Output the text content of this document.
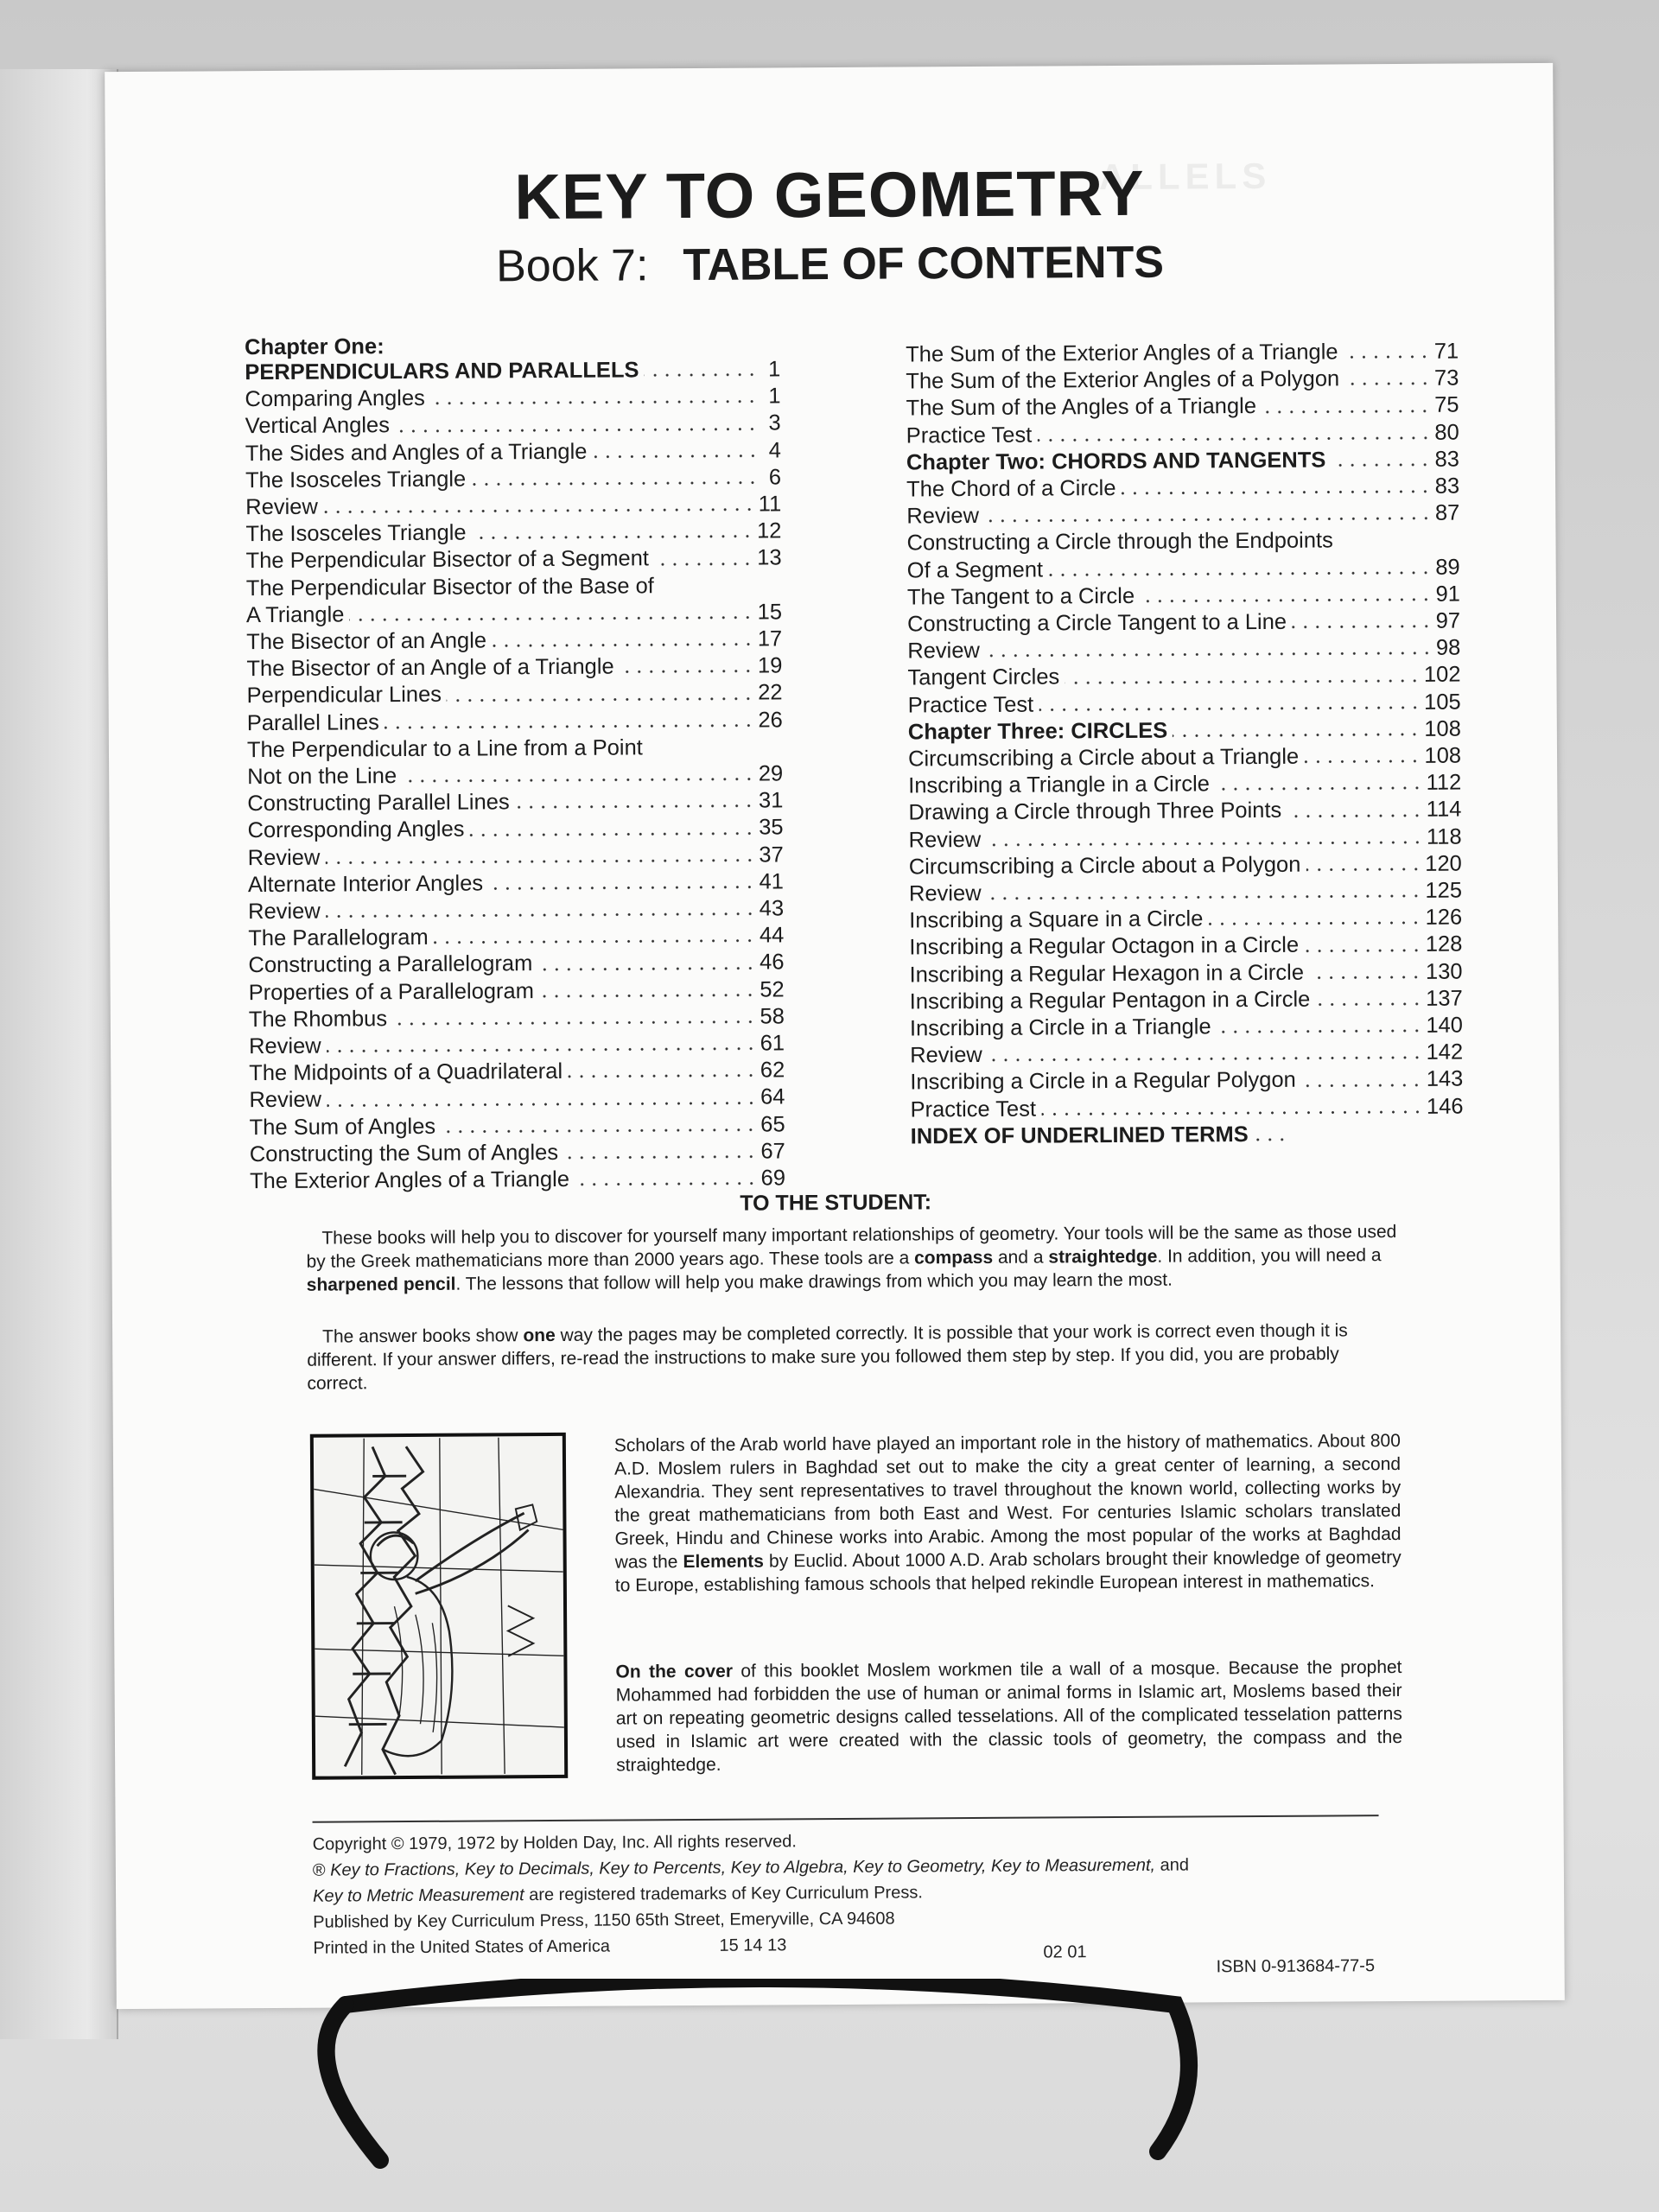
ALLELS
KEY TO GEOMETRY
Book 7: TABLE OF CONTENTS
Chapter One:
PERPENDICULARS AND PARALLELS	1
Comparing Angles	1
Vertical Angles	3
The Sides and Angles of a Triangle	4
The Isosceles Triangle	6
Review	11
The Isosceles Triangle	12
The Perpendicular Bisector of a Segment	13
The Perpendicular Bisector of the Base of
A Triangle	15
The Bisector of an Angle	17
The Bisector of an Angle of a Triangle	19
Perpendicular Lines	22
Parallel Lines	26
The Perpendicular to a Line from a Point
Not on the Line	29
Constructing Parallel Lines	31
Corresponding Angles	35
Review	37
Alternate Interior Angles	41
Review	43
The Parallelogram	44
Constructing a Parallelogram	46
Properties of a Parallelogram	52
The Rhombus	58
Review	61
The Midpoints of a Quadrilateral	62
Review	64
The Sum of Angles	65
Constructing the Sum of Angles	67
The Exterior Angles of a Triangle	69
The Sum of the Exterior Angles of a Triangle	71
The Sum of the Exterior Angles of a Polygon	73
The Sum of the Angles of a Triangle	75
Practice Test	80
Chapter Two: CHORDS AND TANGENTS	83
The Chord of a Circle	83
Review	87
Constructing a Circle through the Endpoints
Of a Segment	89
The Tangent to a Circle	91
Constructing a Circle Tangent to a Line	97
Review	98
Tangent Circles	102
Practice Test	105
Chapter Three: CIRCLES	108
Circumscribing a Circle about a Triangle	108
Inscribing a Triangle in a Circle	112
Drawing a Circle through Three Points	114
Review	118
Circumscribing a Circle about a Polygon	120
Review	125
Inscribing a Square in a Circle	126
Inscribing a Regular Octagon in a Circle	128
Inscribing a Regular Hexagon in a Circle	130
Inscribing a Regular Pentagon in a Circle	137
Inscribing a Circle in a Triangle	140
Review	142
Inscribing a Circle in a Regular Polygon	143
Practice Test	146
INDEX OF UNDERLINED TERMS
TO THE STUDENT:

These books will help you to discover for yourself many important relationships of geometry. Your tools will be the same as those used by the Greek mathematicians more than 2000 years ago. These tools are a compass and a straightedge. In addition, you will need a sharpened pencil. The lessons that follow will help you make drawings from which you may learn the most.

The answer books show one way the pages may be completed correctly. It is possible that your work is correct even though it is different. If your answer differs, re-read the instructions to make sure you followed them step by step. If you did, you are probably correct.

Scholars of the Arab world have played an important role in the history of mathematics. About 800 A.D. Moslem rulers in Baghdad set out to make the city a great center of learning, a second Alexandria. They sent representatives to travel throughout the known world, collecting works by the great mathematicians from both East and West. For centuries Islamic scholars translated Greek, Hindu and Chinese works into Arabic. Among the most popular of the works at Baghdad was the Elements by Euclid. About 1000 A.D. Arab scholars brought their knowledge of geometry to Europe, establishing famous schools that helped rekindle European interest in mathematics.

On the cover of this booklet Moslem workmen tile a wall of a mosque. Because the prophet Mohammed had forbidden the use of human or animal forms in Islamic art, Moslems based their art on repeating geometric designs called tesselations. All of the complicated tesselation patterns used in Islamic art were created with the classic tools of geometry, the compass and the straightedge.

Copyright © 1979, 1972 by Holden Day, Inc. All rights reserved.
® Key to Fractions, Key to Decimals, Key to Percents, Key to Algebra, Key to Geometry, Key to Measurement, and
Key to Metric Measurement are registered trademarks of Key Curriculum Press.
Published by Key Curriculum Press, 1150 65th Street, Emeryville, CA 94608
Printed in the United States of America	15 14 13	02 01
ISBN 0-913684-77-5
